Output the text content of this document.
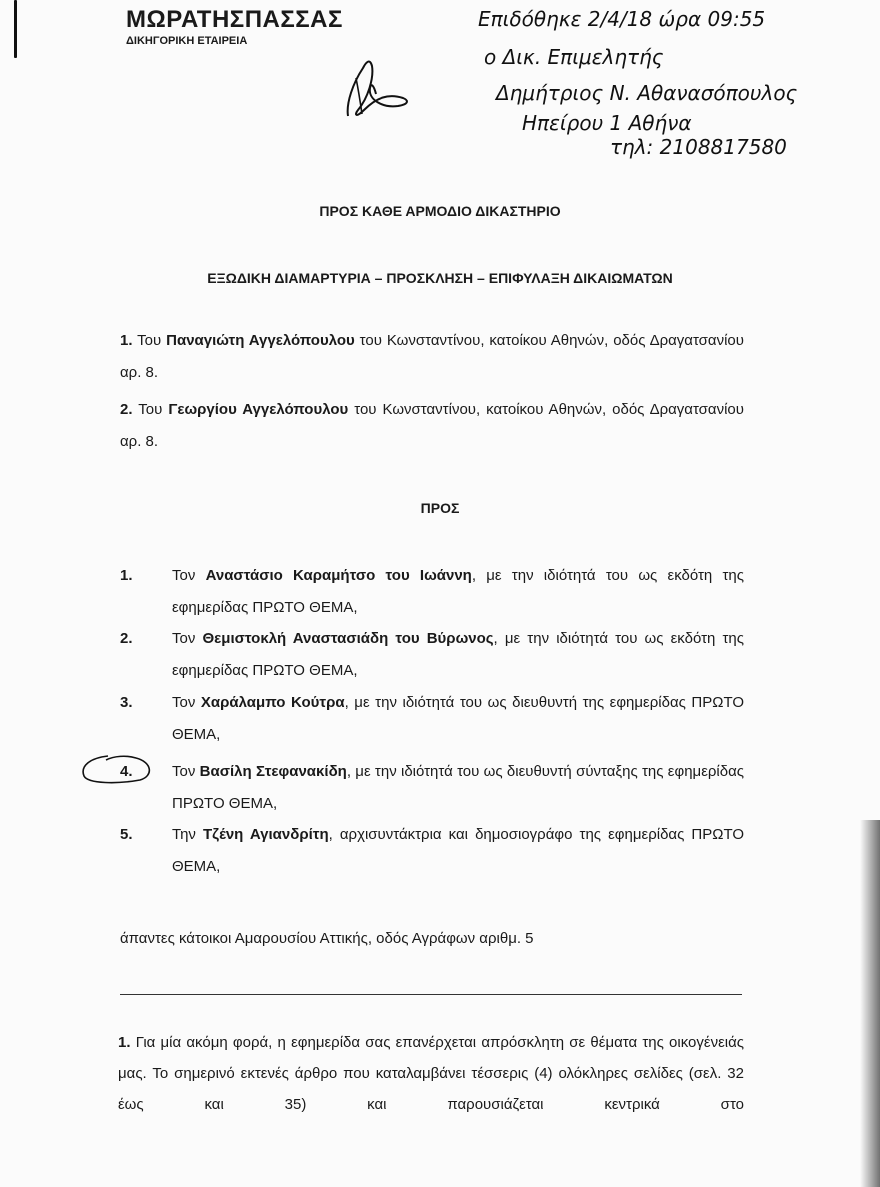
ΜΩΡΑΤΗΣΠΑΣΣΑΣ
ΔΙΚΗΓΟΡΙΚΗ ΕΤΑΙΡΕΙΑ
Επιδόθηκε 2/4/18 ώρα 09:55
ο Δικ. Επιμελητής
Δημήτριος Ν. Αθανασόπουλος
Ηπείρου 1 Αθήνα
τηλ: 2108817580
ΠΡΟΣ ΚΑΘΕ ΑΡΜΟΔΙΟ ΔΙΚΑΣΤΗΡΙΟ
ΕΞΩΔΙΚΗ ΔΙΑΜΑΡΤΥΡΙΑ – ΠΡΟΣΚΛΗΣΗ – ΕΠΙΦΥΛΑΞΗ ΔΙΚΑΙΩΜΑΤΩΝ
1. Του Παναγιώτη Αγγελόπουλου του Κωνσταντίνου, κατοίκου Αθηνών, οδός Δραγατσανίου αρ. 8.
2. Του Γεωργίου Αγγελόπουλου του Κωνσταντίνου, κατοίκου Αθηνών, οδός Δραγατσανίου αρ. 8.
ΠΡΟΣ
1.	Τον Αναστάσιο Καραμήτσο του Ιωάννη, με την ιδιότητά του ως εκδότη της εφημερίδας ΠΡΩΤΟ ΘΕΜΑ,
2.	Τον Θεμιστοκλή Αναστασιάδη του Βύρωνος, με την ιδιότητά του ως εκδότη της εφημερίδας ΠΡΩΤΟ ΘΕΜΑ,
3.	Τον Χαράλαμπο Κούτρα, με την ιδιότητά του ως διευθυντή της εφημερίδας ΠΡΩΤΟ ΘΕΜΑ,
4.	Τον Βασίλη Στεφανακίδη, με την ιδιότητά του ως διευθυντή σύνταξης της εφημερίδας ΠΡΩΤΟ ΘΕΜΑ,
5.	Την Τζένη Αγιανδρίτη, αρχισυντάκτρια και δημοσιογράφο της εφημερίδας ΠΡΩΤΟ ΘΕΜΑ,
άπαντες κάτοικοι Αμαρουσίου Αττικής, οδός Αγράφων αριθμ. 5
1. Για μία ακόμη φορά, η εφημερίδα σας επανέρχεται απρόσκλητη σε θέματα της οικογένειάς μας. Το σημερινό εκτενές άρθρο που καταλαμβάνει τέσσερις (4) ολόκληρες σελίδες (σελ. 32 έως και 35) και παρουσιάζεται κεντρικά στο
